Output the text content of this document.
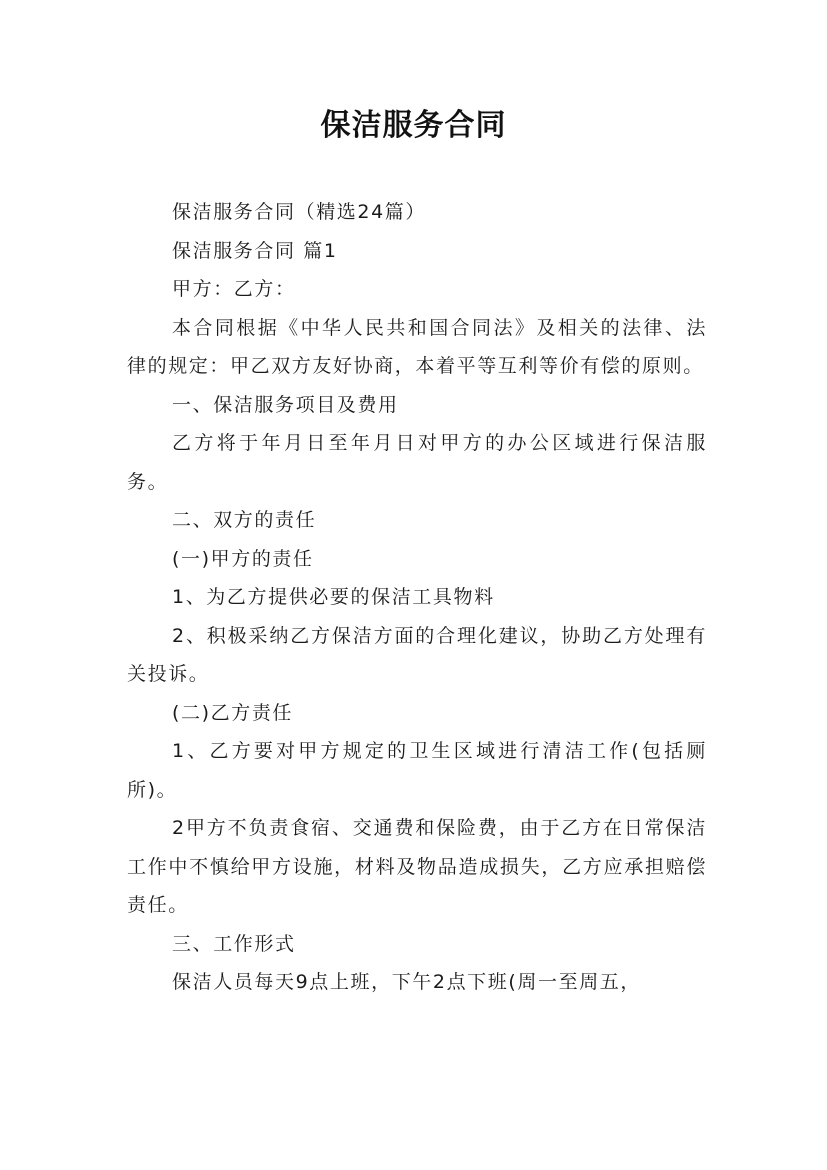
保洁服务合同

保洁服务合同（精选24篇）

保洁服务合同 篇1

甲方：乙方：

本合同根据《中华人民共和国合同法》及相关的法律、法律的规定：甲乙双方友好协商，本着平等互利等价有偿的原则。

一、保洁服务项目及费用

乙方将于年月日至年月日对甲方的办公区域进行保洁服务。

二、双方的责任

(一)甲方的责任

1、为乙方提供必要的保洁工具物料

2、积极采纳乙方保洁方面的合理化建议，协助乙方处理有关投诉。

(二)乙方责任

1、乙方要对甲方规定的卫生区域进行清洁工作(包括厕所)。

2甲方不负责食宿、交通费和保险费，由于乙方在日常保洁工作中不慎给甲方设施，材料及物品造成损失，乙方应承担赔偿责任。

三、工作形式

保洁人员每天9点上班，下午2点下班(周一至周五，
